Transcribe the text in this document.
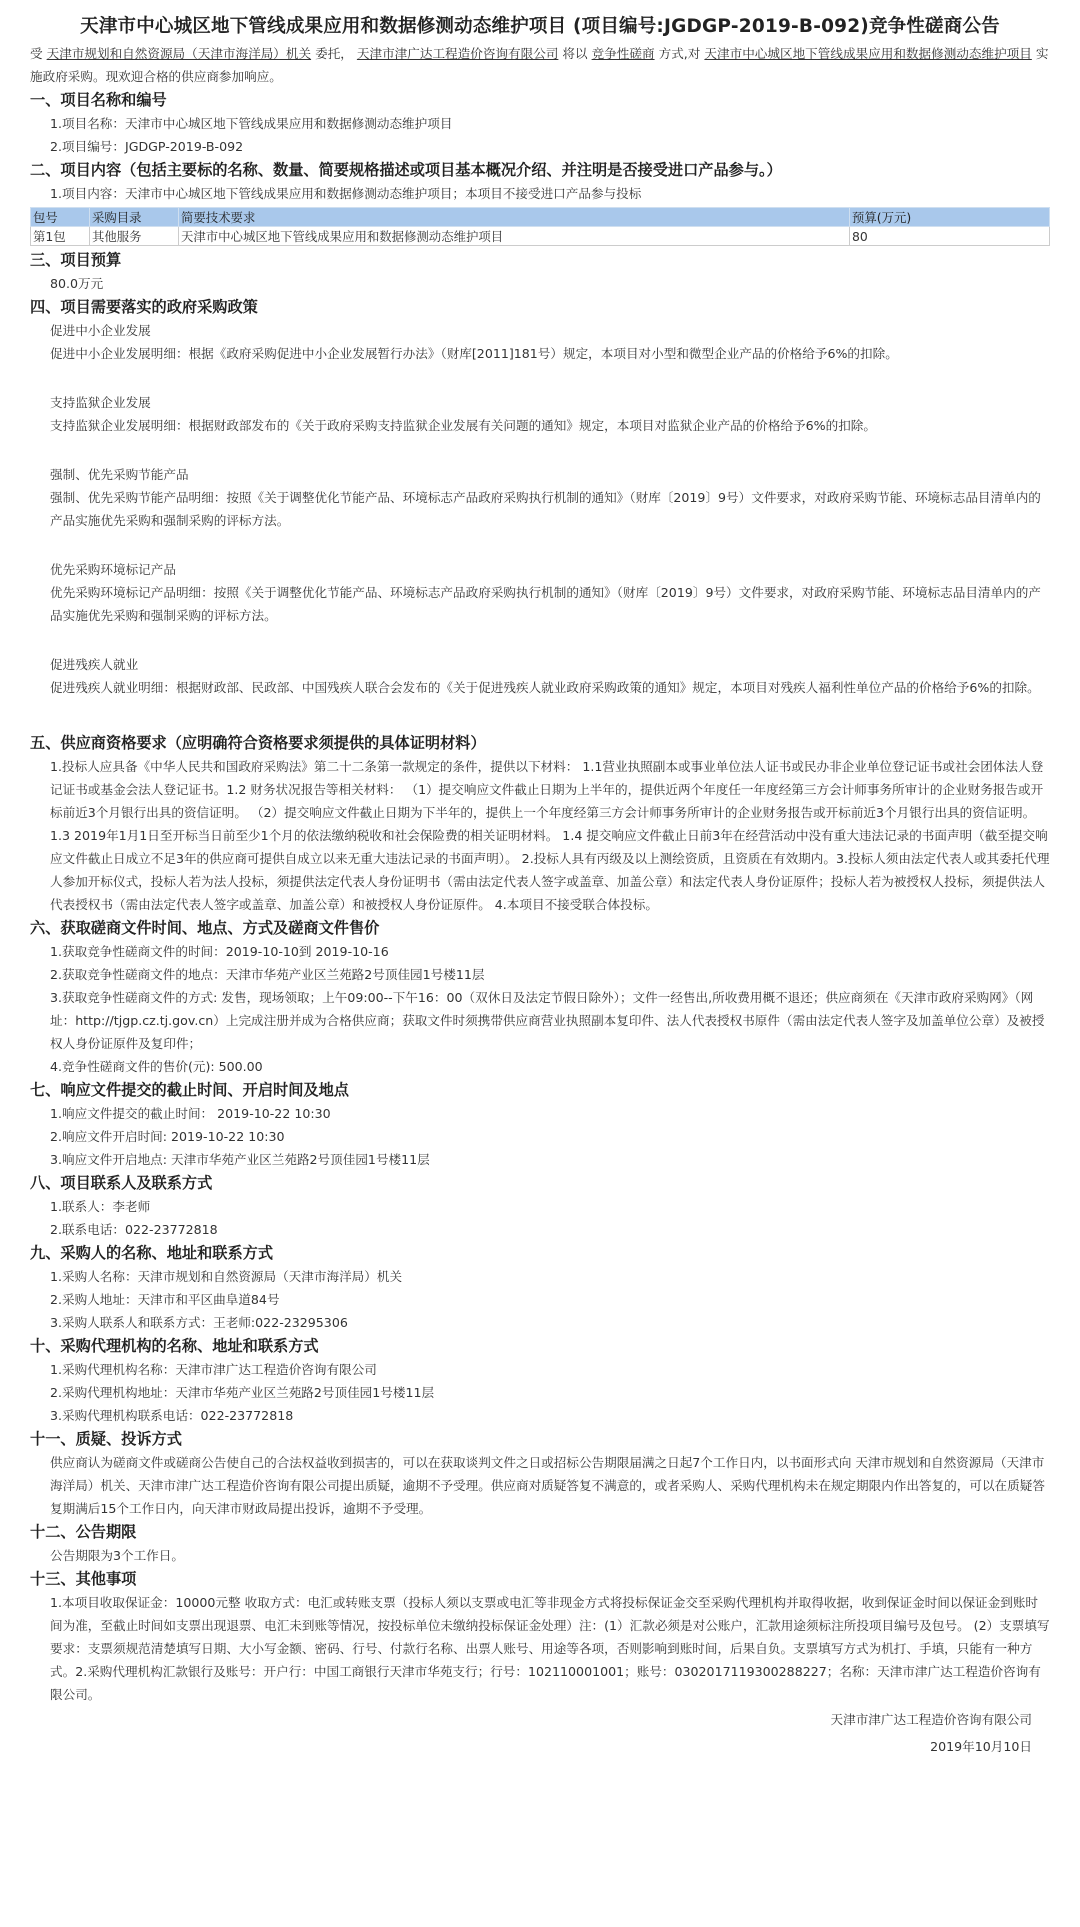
天津市中心城区地下管线成果应用和数据修测动态维护项目 (项目编号:JGDGP-2019-B-092)竞争性磋商公告
受 天津市规划和自然资源局（天津市海洋局）机关 委托， 天津市津广达工程造价咨询有限公司 将以 竞争性磋商 方式,对 天津市中心城区地下管线成果应用和数据修测动态维护项目 实施政府采购。现欢迎合格的供应商参加响应。
一、项目名称和编号
1.项目名称：天津市中心城区地下管线成果应用和数据修测动态维护项目
2.项目编号：JGDGP-2019-B-092
二、项目内容（包括主要标的名称、数量、简要规格描述或项目基本概况介绍、并注明是否接受进口产品参与。）
1.项目内容：天津市中心城区地下管线成果应用和数据修测动态维护项目；本项目不接受进口产品参与投标
包号	采购目录	简要技术要求	预算(万元)
第1包	其他服务	天津市中心城区地下管线成果应用和数据修测动态维护项目	80
三、项目预算
80.0万元
四、项目需要落实的政府采购政策
促进中小企业发展
促进中小企业发展明细：根据《政府采购促进中小企业发展暂行办法》（财库[2011]181号）规定，本项目对小型和微型企业产品的价格给予6%的扣除。
支持监狱企业发展
支持监狱企业发展明细：根据财政部发布的《关于政府采购支持监狱企业发展有关问题的通知》规定，本项目对监狱企业产品的价格给予6%的扣除。
强制、优先采购节能产品
强制、优先采购节能产品明细：按照《关于调整优化节能产品、环境标志产品政府采购执行机制的通知》（财库〔2019〕9号）文件要求，对政府采购节能、环境标志品目清单内的产品实施优先采购和强制采购的评标方法。
优先采购环境标记产品
优先采购环境标记产品明细：按照《关于调整优化节能产品、环境标志产品政府采购执行机制的通知》（财库〔2019〕9号）文件要求，对政府采购节能、环境标志品目清单内的产品实施优先采购和强制采购的评标方法。
促进残疾人就业
促进残疾人就业明细：根据财政部、民政部、中国残疾人联合会发布的《关于促进残疾人就业政府采购政策的通知》规定，本项目对残疾人福利性单位产品的价格给予6%的扣除。
五、供应商资格要求（应明确符合资格要求须提供的具体证明材料）
1.投标人应具备《中华人民共和国政府采购法》第二十二条第一款规定的条件，提供以下材料： 1.1营业执照副本或事业单位法人证书或民办非企业单位登记证书或社会团体法人登记证书或基金会法人登记证书。1.2 财务状况报告等相关材料： （1）提交响应文件截止日期为上半年的，提供近两个年度任一年度经第三方会计师事务所审计的企业财务报告或开标前近3个月银行出具的资信证明。 （2）提交响应文件截止日期为下半年的，提供上一个年度经第三方会计师事务所审计的企业财务报告或开标前近3个月银行出具的资信证明。 1.3 2019年1月1日至开标当日前至少1个月的依法缴纳税收和社会保险费的相关证明材料。 1.4 提交响应文件截止日前3年在经营活动中没有重大违法记录的书面声明（截至提交响应文件截止日成立不足3年的供应商可提供自成立以来无重大违法记录的书面声明）。 2.投标人具有丙级及以上测绘资质，且资质在有效期内。3.投标人须由法定代表人或其委托代理人参加开标仪式，投标人若为法人投标，须提供法定代表人身份证明书（需由法定代表人签字或盖章、加盖公章）和法定代表人身份证原件；投标人若为被授权人投标，须提供法人代表授权书（需由法定代表人签字或盖章、加盖公章）和被授权人身份证原件。 4.本项目不接受联合体投标。
六、获取磋商文件时间、地点、方式及磋商文件售价
1.获取竞争性磋商文件的时间：2019-10-10到 2019-10-16
2.获取竞争性磋商文件的地点：天津市华苑产业区兰苑路2号顶佳园1号楼11层
3.获取竞争性磋商文件的方式: 发售，现场领取；上午09:00--下午16：00（双休日及法定节假日除外）；文件一经售出,所收费用概不退还；供应商须在《天津市政府采购网》（网址：http://tjgp.cz.tj.gov.cn）上完成注册并成为合格供应商；获取文件时须携带供应商营业执照副本复印件、法人代表授权书原件（需由法定代表人签字及加盖单位公章）及被授权人身份证原件及复印件；
4.竞争性磋商文件的售价(元): 500.00
七、响应文件提交的截止时间、开启时间及地点
1.响应文件提交的截止时间： 2019-10-22 10:30
2.响应文件开启时间: 2019-10-22 10:30
3.响应文件开启地点: 天津市华苑产业区兰苑路2号顶佳园1号楼11层
八、项目联系人及联系方式
1.联系人：李老师
2.联系电话：022-23772818
九、采购人的名称、地址和联系方式
1.采购人名称：天津市规划和自然资源局（天津市海洋局）机关
2.采购人地址：天津市和平区曲阜道84号
3.采购人联系人和联系方式：王老师:022-23295306
十、采购代理机构的名称、地址和联系方式
1.采购代理机构名称：天津市津广达工程造价咨询有限公司
2.采购代理机构地址：天津市华苑产业区兰苑路2号顶佳园1号楼11层
3.采购代理机构联系电话：022-23772818
十一、质疑、投诉方式
供应商认为磋商文件或磋商公告使自己的合法权益收到损害的，可以在获取谈判文件之日或招标公告期限届满之日起7个工作日内，以书面形式向 天津市规划和自然资源局（天津市海洋局）机关、天津市津广达工程造价咨询有限公司提出质疑，逾期不予受理。供应商对质疑答复不满意的，或者采购人、采购代理机构未在规定期限内作出答复的，可以在质疑答复期满后15个工作日内，向天津市财政局提出投诉，逾期不予受理。
十二、公告期限
公告期限为3个工作日。
十三、其他事项
1.本项目收取保证金：10000元整 收取方式：电汇或转账支票（投标人须以支票或电汇等非现金方式将投标保证金交至采购代理机构并取得收据，收到保证金时间以保证金到账时间为准，至截止时间如支票出现退票、电汇未到账等情况，按投标单位未缴纳投标保证金处理）注：(1）汇款必须是对公账户，汇款用途须标注所投项目编号及包号。 (2）支票填写要求：支票须规范清楚填写日期、大小写金额、密码、行号、付款行名称、出票人账号、用途等各项，否则影响到账时间，后果自负。支票填写方式为机打、手填，只能有一种方式。2.采购代理机构汇款银行及账号：开户行：中国工商银行天津市华苑支行；行号：102110001001；账号：0302017119300288227；名称：天津市津广达工程造价咨询有限公司。
天津市津广达工程造价咨询有限公司
2019年10月10日
